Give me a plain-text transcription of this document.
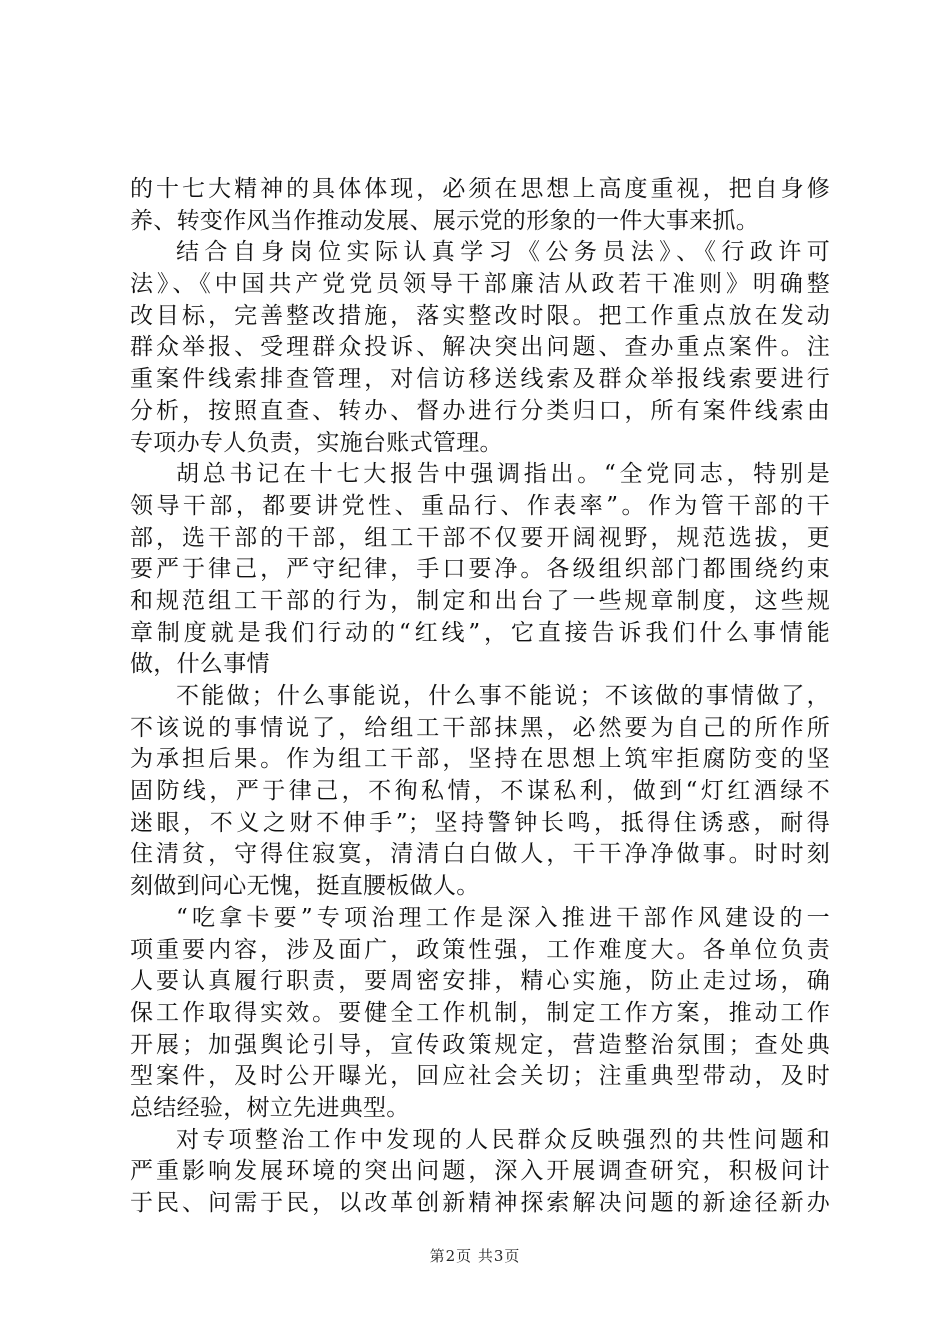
的十七大精神的具体体现，必须在思想上高度重视，把自身修
养、转变作风当作推动发展、展示党的形象的一件大事来抓。
结合自身岗位实际认真学习《公务员法》、《行政许可
法》、《中国共产党党员领导干部廉洁从政若干准则》明确整
改目标，完善整改措施，落实整改时限。把工作重点放在发动
群众举报、受理群众投诉、解决突出问题、查办重点案件。注
重案件线索排查管理，对信访移送线索及群众举报线索要进行
分析，按照直查、转办、督办进行分类归口，所有案件线索由
专项办专人负责，实施台账式管理。
胡总书记在十七大报告中强调指出。“全党同志，特别是
领导干部，都要讲党性、重品行、作表率”。作为管干部的干
部，选干部的干部，组工干部不仅要开阔视野，规范选拔，更
要严于律己，严守纪律，手口要净。各级组织部门都围绕约束
和规范组工干部的行为，制定和出台了一些规章制度，这些规
章制度就是我们行动的“红线”，它直接告诉我们什么事情能
做，什么事情
不能做；什么事能说，什么事不能说；不该做的事情做了，
不该说的事情说了，给组工干部抹黑，必然要为自己的所作所
为承担后果。作为组工干部，坚持在思想上筑牢拒腐防变的坚
固防线，严于律己，不徇私情，不谋私利，做到“灯红酒绿不
迷眼，不义之财不伸手”；坚持警钟长鸣，抵得住诱惑，耐得
住清贫，守得住寂寞，清清白白做人，干干净净做事。时时刻
刻做到问心无愧，挺直腰板做人。
“吃拿卡要”专项治理工作是深入推进干部作风建设的一
项重要内容，涉及面广，政策性强，工作难度大。各单位负责
人要认真履行职责，要周密安排，精心实施，防止走过场，确
保工作取得实效。要健全工作机制，制定工作方案，推动工作
开展；加强舆论引导，宣传政策规定，营造整治氛围；查处典
型案件，及时公开曝光，回应社会关切；注重典型带动，及时
总结经验，树立先进典型。
对专项整治工作中发现的人民群众反映强烈的共性问题和
严重影响发展环境的突出问题，深入开展调查研究，积极问计
于民、问需于民，以改革创新精神探索解决问题的新途径新办
第2页 共3页
